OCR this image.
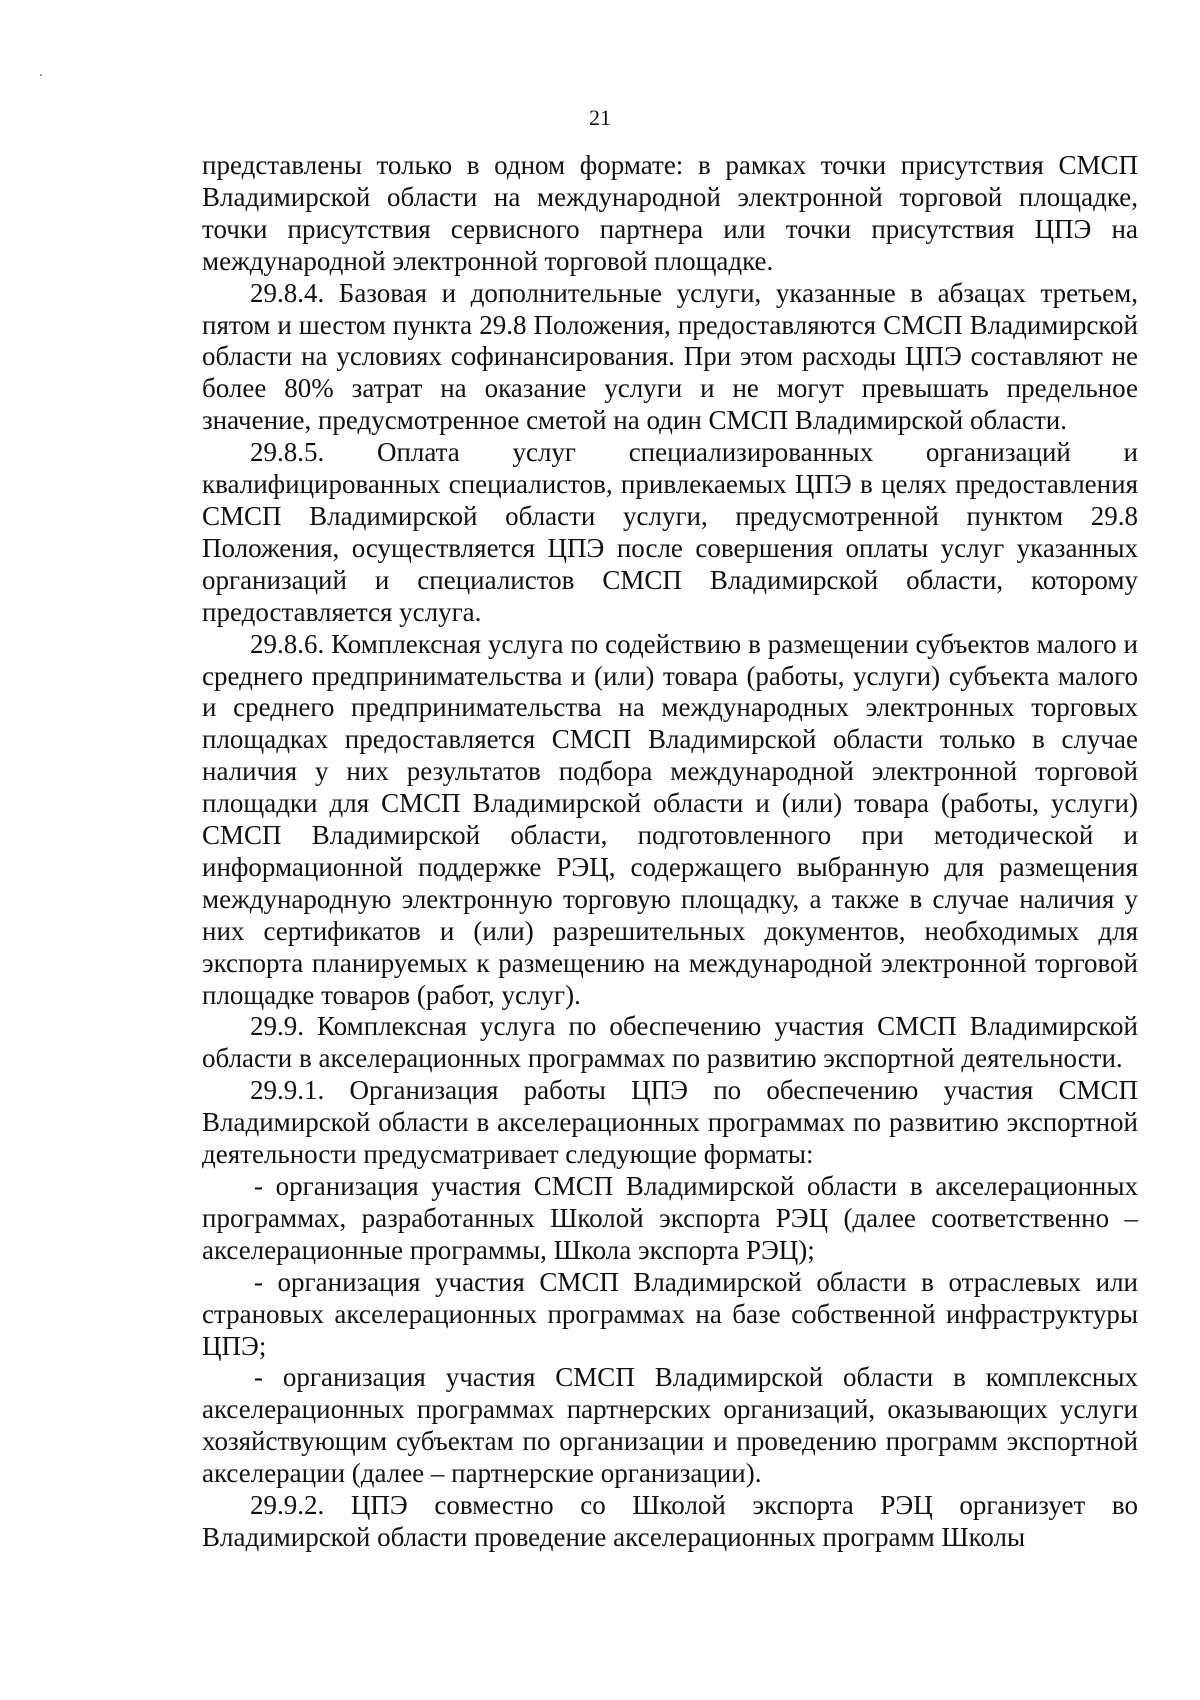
21

представлены только в одном формате: в рамках точки присутствия СМСП Владимирской области на международной электронной торговой площадке, точки присутствия сервисного партнера или точки присутствия ЦПЭ на международной электронной торговой площадке.

29.8.4. Базовая и дополнительные услуги, указанные в абзацах третьем, пятом и шестом пункта 29.8 Положения, предоставляются СМСП Владимирской области на условиях софинансирования. При этом расходы ЦПЭ составляют не более 80% затрат на оказание услуги и не могут превышать предельное значение, предусмотренное сметой на один СМСП Владимирской области.

29.8.5. Оплата услуг специализированных организаций и квалифицированных специалистов, привлекаемых ЦПЭ в целях предоставления СМСП Владимирской области услуги, предусмотренной пунктом 29.8 Положения, осуществляется ЦПЭ после совершения оплаты услуг указанных организаций и специалистов СМСП Владимирской области, которому предоставляется услуга.

29.8.6. Комплексная услуга по содействию в размещении субъектов малого и среднего предпринимательства и (или) товара (работы, услуги) субъекта малого и среднего предпринимательства на международных электронных торговых площадках предоставляется СМСП Владимирской области только в случае наличия у них результатов подбора международной электронной торговой площадки для СМСП Владимирской области и (или) товара (работы, услуги) СМСП Владимирской области, подготовленного при методической и информационной поддержке РЭЦ, содержащего выбранную для размещения международную электронную торговую площадку, а также в случае наличия у них сертификатов и (или) разрешительных документов, необходимых для экспорта планируемых к размещению на международной электронной торговой площадке товаров (работ, услуг).

29.9. Комплексная услуга по обеспечению участия СМСП Владимирской области в акселерационных программах по развитию экспортной деятельности.

29.9.1. Организация работы ЦПЭ по обеспечению участия СМСП Владимирской области в акселерационных программах по развитию экспортной деятельности предусматривает следующие форматы:

- организация участия СМСП Владимирской области в акселерационных программах, разработанных Школой экспорта РЭЦ (далее соответственно – акселерационные программы, Школа экспорта РЭЦ);

- организация участия СМСП Владимирской области в отраслевых или страновых акселерационных программах на базе собственной инфраструктуры ЦПЭ;

- организация участия СМСП Владимирской области в комплексных акселерационных программах партнерских организаций, оказывающих услуги хозяйствующим субъектам по организации и проведению программ экспортной акселерации (далее – партнерские организации).

29.9.2. ЦПЭ совместно со Школой экспорта РЭЦ организует во Владимирской области проведение акселерационных программ Школы
